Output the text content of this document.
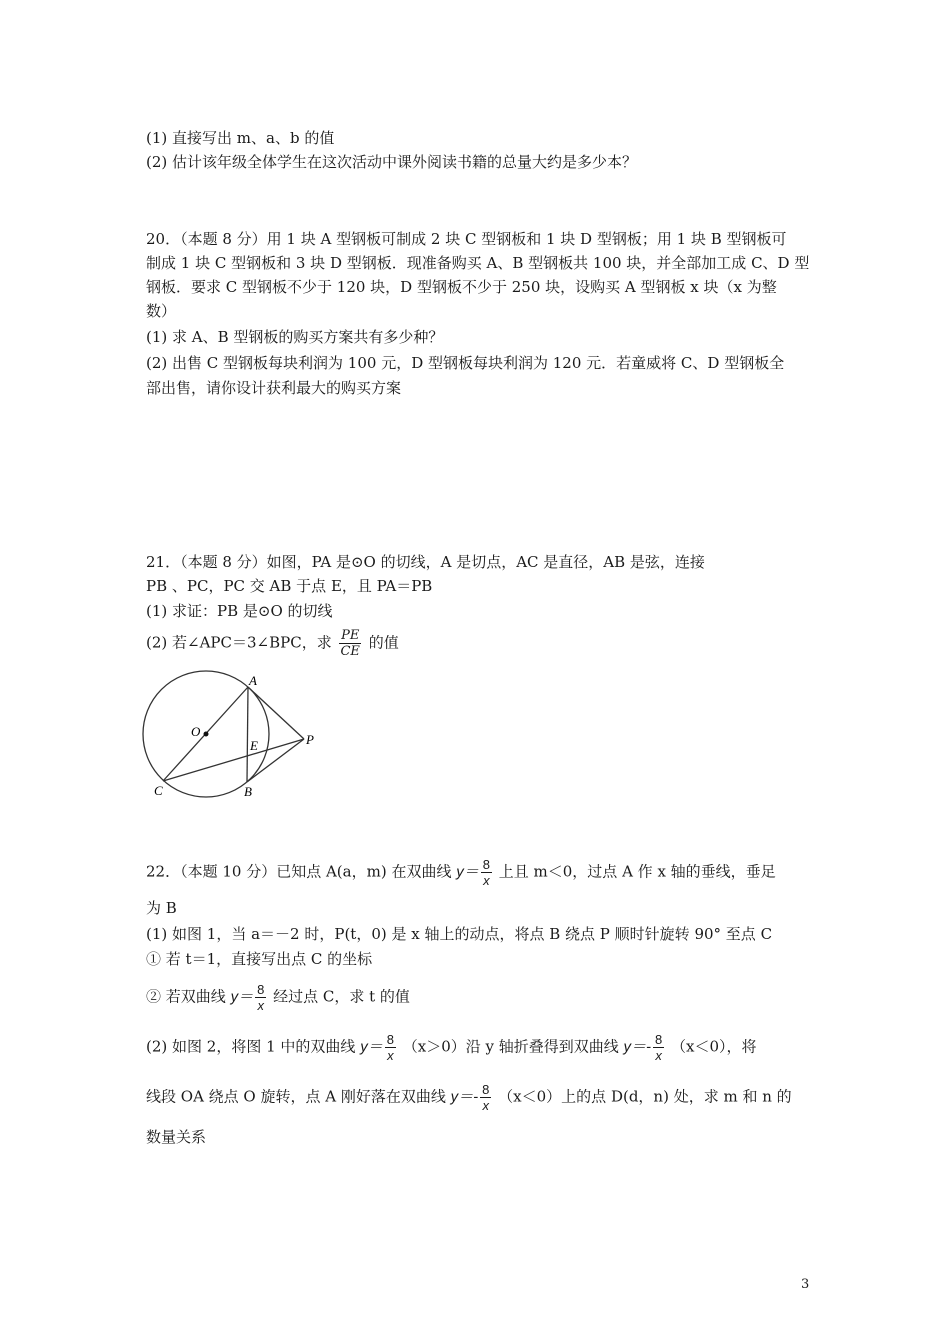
(1) 直接写出 m、a、b 的值
(2) 估计该年级全体学生在这次活动中课外阅读书籍的总量大约是多少本？
20．（本题 8 分）用 1 块 A 型钢板可制成 2 块 C 型钢板和 1 块 D 型钢板；用 1 块 B 型钢板可
制成 1 块 C 型钢板和 3 块 D 型钢板．现准备购买 A、B 型钢板共 100 块，并全部加工成 C、D 型
钢板．要求 C 型钢板不少于 120 块，D 型钢板不少于 250 块，设购买 A 型钢板 x 块（x 为整
数）
(1) 求 A、B 型钢板的购买方案共有多少种？
(2) 出售 C 型钢板每块利润为 100 元，D 型钢板每块利润为 120 元．若童威将 C、D 型钢板全
部出售，请你设计获利最大的购买方案
21．（本题 8 分）如图，PA 是⊙O 的切线，A 是切点，AC 是直径，AB 是弦，连接
PB 、PC，PC 交 AB 于点 E，且 PA＝PB
(1) 求证：PB 是⊙O 的切线
(2) 若∠APC＝3∠BPC，求 $\frac{PE}{CE}$ 的值
A
B
C
O
E	P
22．（本题 10 分）已知点 A(a，m) 在双曲线 $y= \frac{8}{x}$ 上且 m＜0，过点 A 作 x 轴的垂线，垂足
为 B
(1) 如图 1，当 a＝－2 时，P(t，0) 是 x 轴上的动点，将点 B 绕点 P 顺时针旋转 90° 至点 C
① 若 t＝1，直接写出点 C 的坐标
② 若双曲线 $y= \frac{8}{x}$ 经过点 C，求 t 的值
(2) 如图 2，将图 1 中的双曲线 $y= \frac{8}{x} (x>0)$沿 y 轴折叠得到双曲线 $y=- \frac{8}{x} (x<0)$，将
线段 OA 绕点 O 旋转，点 A 刚好落在双曲线 $y=- \frac{8}{x} (x<0)$上的点 D(d，n) 处，求 m 和 n 的
数量关系
3
